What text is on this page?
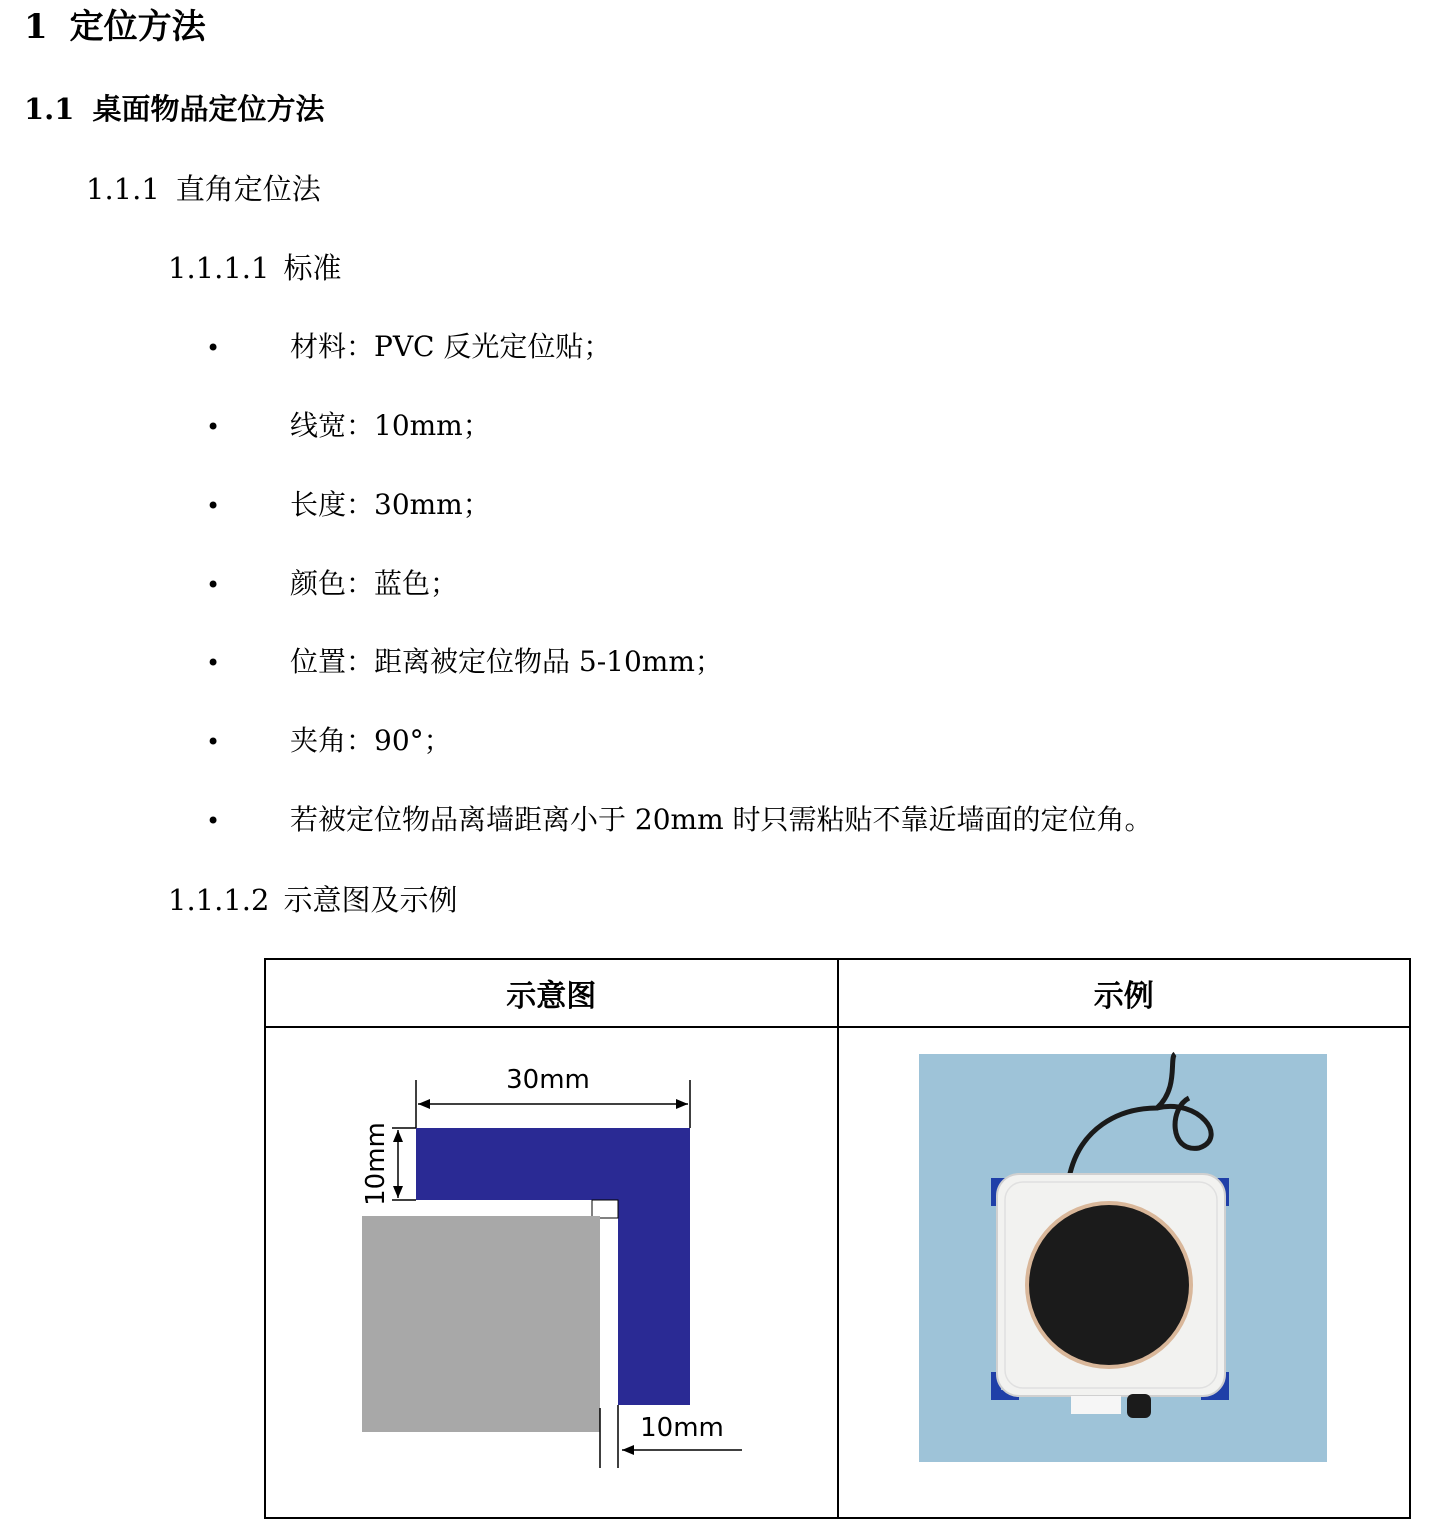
1 定位方法
1.1 桌面物品定位方法
1.1.1 直角定位法
1.1.1.1 标准
• 材料：PVC 反光定位贴；
• 线宽：10mm；
• 长度：30mm；
• 颜色：蓝色；
• 位置：距离被定位物品 5-10mm；
• 夹角：90°；
• 若被定位物品离墙距离小于 20mm 时只需粘贴不靠近墙面的定位角。
1.1.1.2 示意图及示例
示意图	示例

30mm
10mm
10mm
